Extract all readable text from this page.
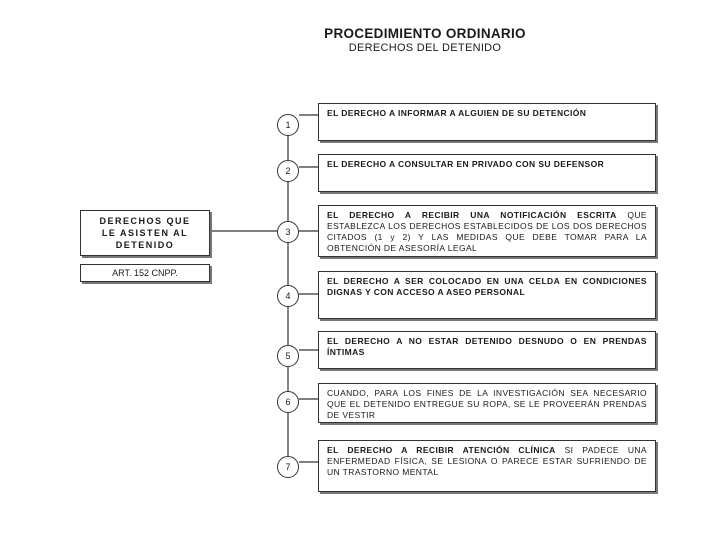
PROCEDIMIENTO ORDINARIO
DERECHOS DEL DETENIDO
DERECHOS QUE
LE ASISTEN AL
DETENIDO
ART. 152 CNPP.
1
2
3
4
5
6
7
EL DERECHO A INFORMAR A ALGUIEN DE SU DETENCIÓN
EL DERECHO A CONSULTAR EN PRIVADO CON SU DEFENSOR
EL DERECHO A RECIBIR UNA NOTIFICACIÓN ESCRITA QUE ESTABLEZCA LOS DERECHOS ESTABLECIDOS DE LOS DOS DERECHOS CITADOS (1 y 2) Y LAS MEDIDAS QUE DEBE TOMAR PARA LA OBTENCIÓN DE ASESORÍA LEGAL
EL DERECHO A SER COLOCADO EN UNA CELDA EN CONDICIONES DIGNAS Y CON ACCESO A ASEO PERSONAL
EL DERECHO A NO ESTAR DETENIDO DESNUDO O EN PRENDAS ÍNTIMAS
CUANDO, PARA LOS FINES DE LA INVESTIGACIÓN SEA NECESARIO QUE EL DETENIDO ENTREGUE SU ROPA, SE LE PROVEERÁN PRENDAS DE VESTIR
EL DERECHO A RECIBIR ATENCIÓN CLÍNICA SI PADECE UNA ENFERMEDAD FÍSICA, SE LESIONA O PARECE ESTAR SUFRIENDO DE UN TRASTORNO MENTAL
